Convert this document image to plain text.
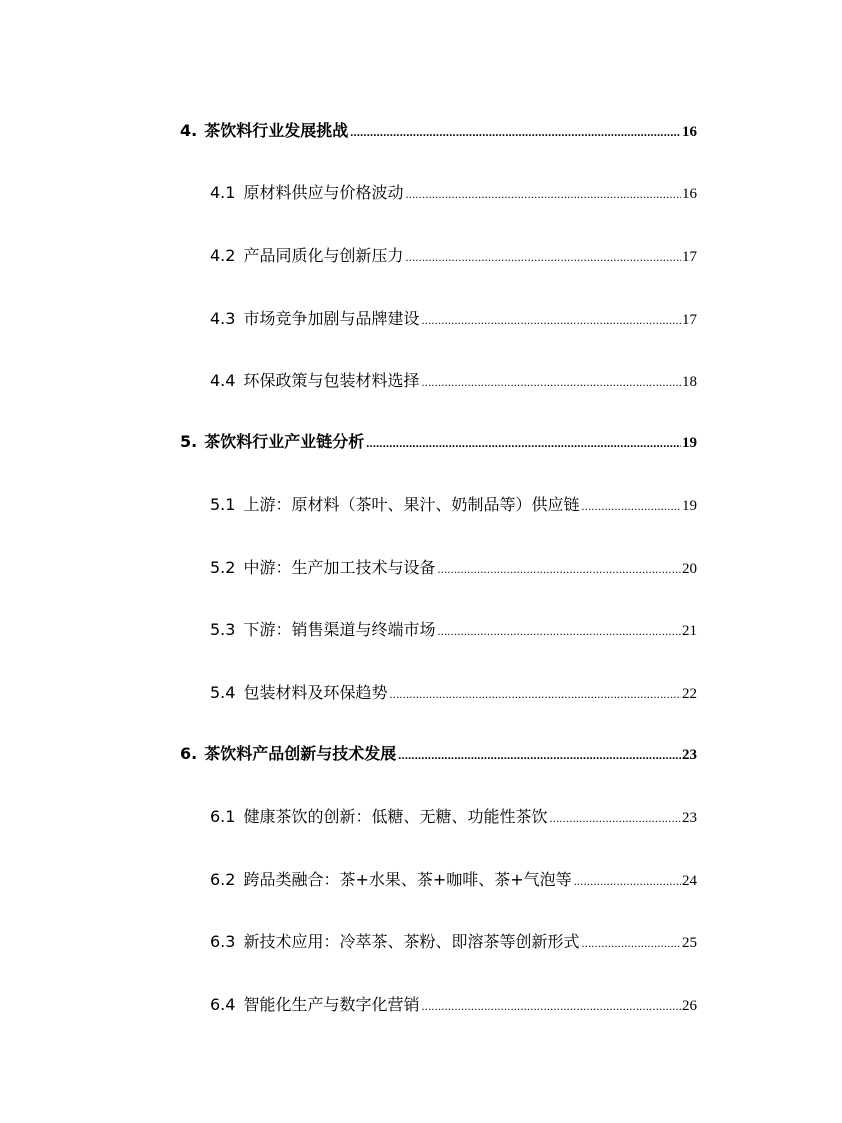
4. 茶饮料行业发展挑战 .....	16
4.1 原材料供应与价格波动 .....	16
4.2 产品同质化与创新压力 .....	17
4.3 市场竞争加剧与品牌建设 .....	17
4.4 环保政策与包装材料选择 .....	18
5. 茶饮料行业产业链分析 .....	19
5.1 上游：原材料（茶叶、果汁、奶制品等）供应链 .....	19
5.2 中游：生产加工技术与设备 .....	20
5.3 下游：销售渠道与终端市场 .....	21
5.4 包装材料及环保趋势 .....	22
6. 茶饮料产品创新与技术发展 .....	23
6.1 健康茶饮的创新：低糖、无糖、功能性茶饮 .....	23
6.2 跨品类融合：茶+水果、茶+咖啡、茶+气泡等 .....	24
6.3 新技术应用：冷萃茶、茶粉、即溶茶等创新形式 .....	25
6.4 智能化生产与数字化营销 .....	26
